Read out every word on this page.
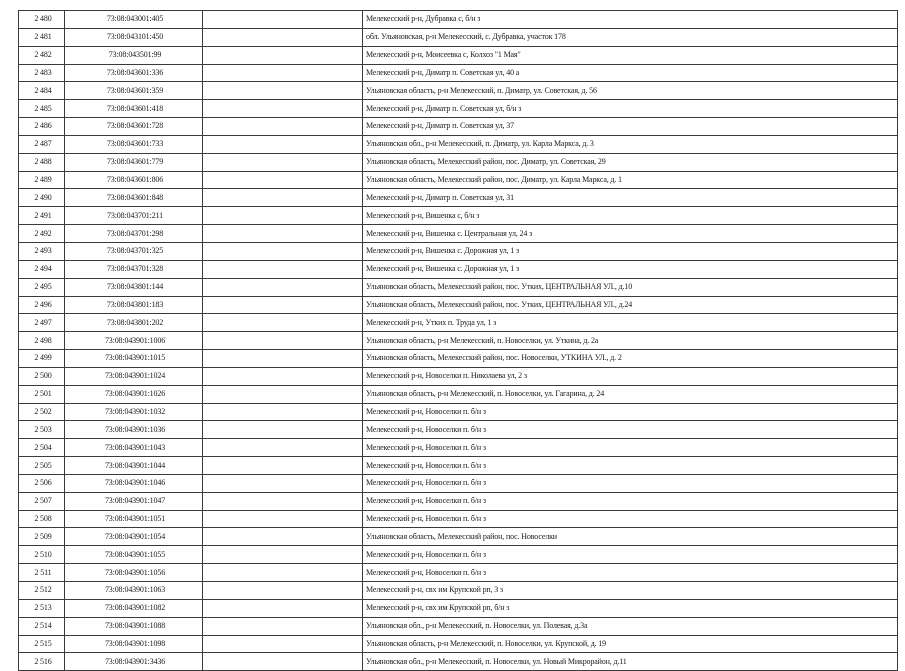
2 480	73:08:043001:405		Мелекесский р-н, Дубравка с, б/н з
2 481	73:08:043101:450		обл. Ульяновская, р-н Мелекесский, с. Дубравка, участок 178
2 482	73:08:043501:99		Мелекесский р-н, Моисеевка с, Колхоз "1 Мая"
2 483	73:08:043601:336		Мелекесский р-н, Диматр п. Советская ул, 40 а
2 484	73:08:043601:359		Ульяновская область, р-н Мелекесский, п. Диматр, ул. Советская, д. 56
2 485	73:08:043601:418		Мелекесский р-н, Диматр п. Советская ул, б/н з
2 486	73:08:043601:728		Мелекесский р-н, Диматр п. Советская ул, 37
2 487	73:08:043601:733		Ульяновская обл., р-н Мелекесский, п. Диматр, ул. Карла Маркса, д. 3
2 488	73:08:043601:779		Ульяновская область, Мелекесский район, пос. Диматр, ул. Советская, 29
2 489	73:08:043601:806		Ульяновская область, Мелекесский район, пос. Диматр, ул. Карла Маркса, д. 1
2 490	73:08:043601:848		Мелекесский р-н, Диматр п. Советская ул, 31
2 491	73:08:043701:211		Мелекесский р-н, Вишенка с, б/н з
2 492	73:08:043701:298		Мелекесский р-н, Вишенка с. Центральная ул, 24 з
2 493	73:08:043701:325		Мелекесский р-н, Вишенка с. Дорожная ул, 1 з
2 494	73:08:043701:328		Мелекесский р-н, Вишенка с. Дорожная ул, 1 з
2 495	73:08:043801:144		Ульяновская область, Мелекесский район, пос. Утких, ЦЕНТРАЛЬНАЯ УЛ., д.10
2 496	73:08:043801:183		Ульяновская область, Мелекесский район, пос. Утких, ЦЕНТРАЛЬНАЯ УЛ., д.24
2 497	73:08:043801:202		Мелекесский р-н, Утких п. Труда ул, 1 з
2 498	73:08:043901:1006		Ульяновская область, р-н Мелекесский, п. Новоселки, ул. Уткина, д. 2а
2 499	73:08:043901:1015		Ульяновская область, Мелекесский район, пос. Новоселки, УТКИНА УЛ., д. 2
2 500	73:08:043901:1024		Мелекесский р-н, Новоселки п. Николаева ул, 2 з
2 501	73:08:043901:1026		Ульяновская область, р-н Мелекесский, п. Новоселки, ул. Гагарина, д. 24
2 502	73:08:043901:1032		Мелекесский р-н, Новоселки п. б/н з
2 503	73:08:043901:1036		Мелекесский р-н, Новоселки п. б/н з
2 504	73:08:043901:1043		Мелекесский р-н, Новоселки п. б/н з
2 505	73:08:043901:1044		Мелекесский р-н, Новоселки п. б/н з
2 506	73:08:043901:1046		Мелекесский р-н, Новоселки п. б/н з
2 507	73:08:043901:1047		Мелекесский р-н, Новоселки п. б/н з
2 508	73:08:043901:1051		Мелекесский р-н, Новоселки п. б/н з
2 509	73:08:043901:1054		Ульяновская область, Мелекесский район, пос. Новоселки
2 510	73:08:043901:1055		Мелекесский р-н, Новоселки п. б/н з
2 511	73:08:043901:1056		Мелекесский р-н, Новоселки п. б/н з
2 512	73:08:043901:1063		Мелекесский р-н, свх им Крупской рп, 3 з
2 513	73:08:043901:1082		Мелекесский р-н, свх им Крупской рп, б/н з
2 514	73:08:043901:1088		Ульяновская обл., р-н Мелекесский, п. Новоселки, ул. Полевая, д.3а
2 515	73:08:043901:1098		Ульяновская область, р-н Мелекесский, п. Новоселки, ул. Крупской, д. 19
2 516	73:08:043901:3436		Ульяновская обл., р-н Мелекесский, п. Новоселки, ул. Новый Микрорайон, д.11
